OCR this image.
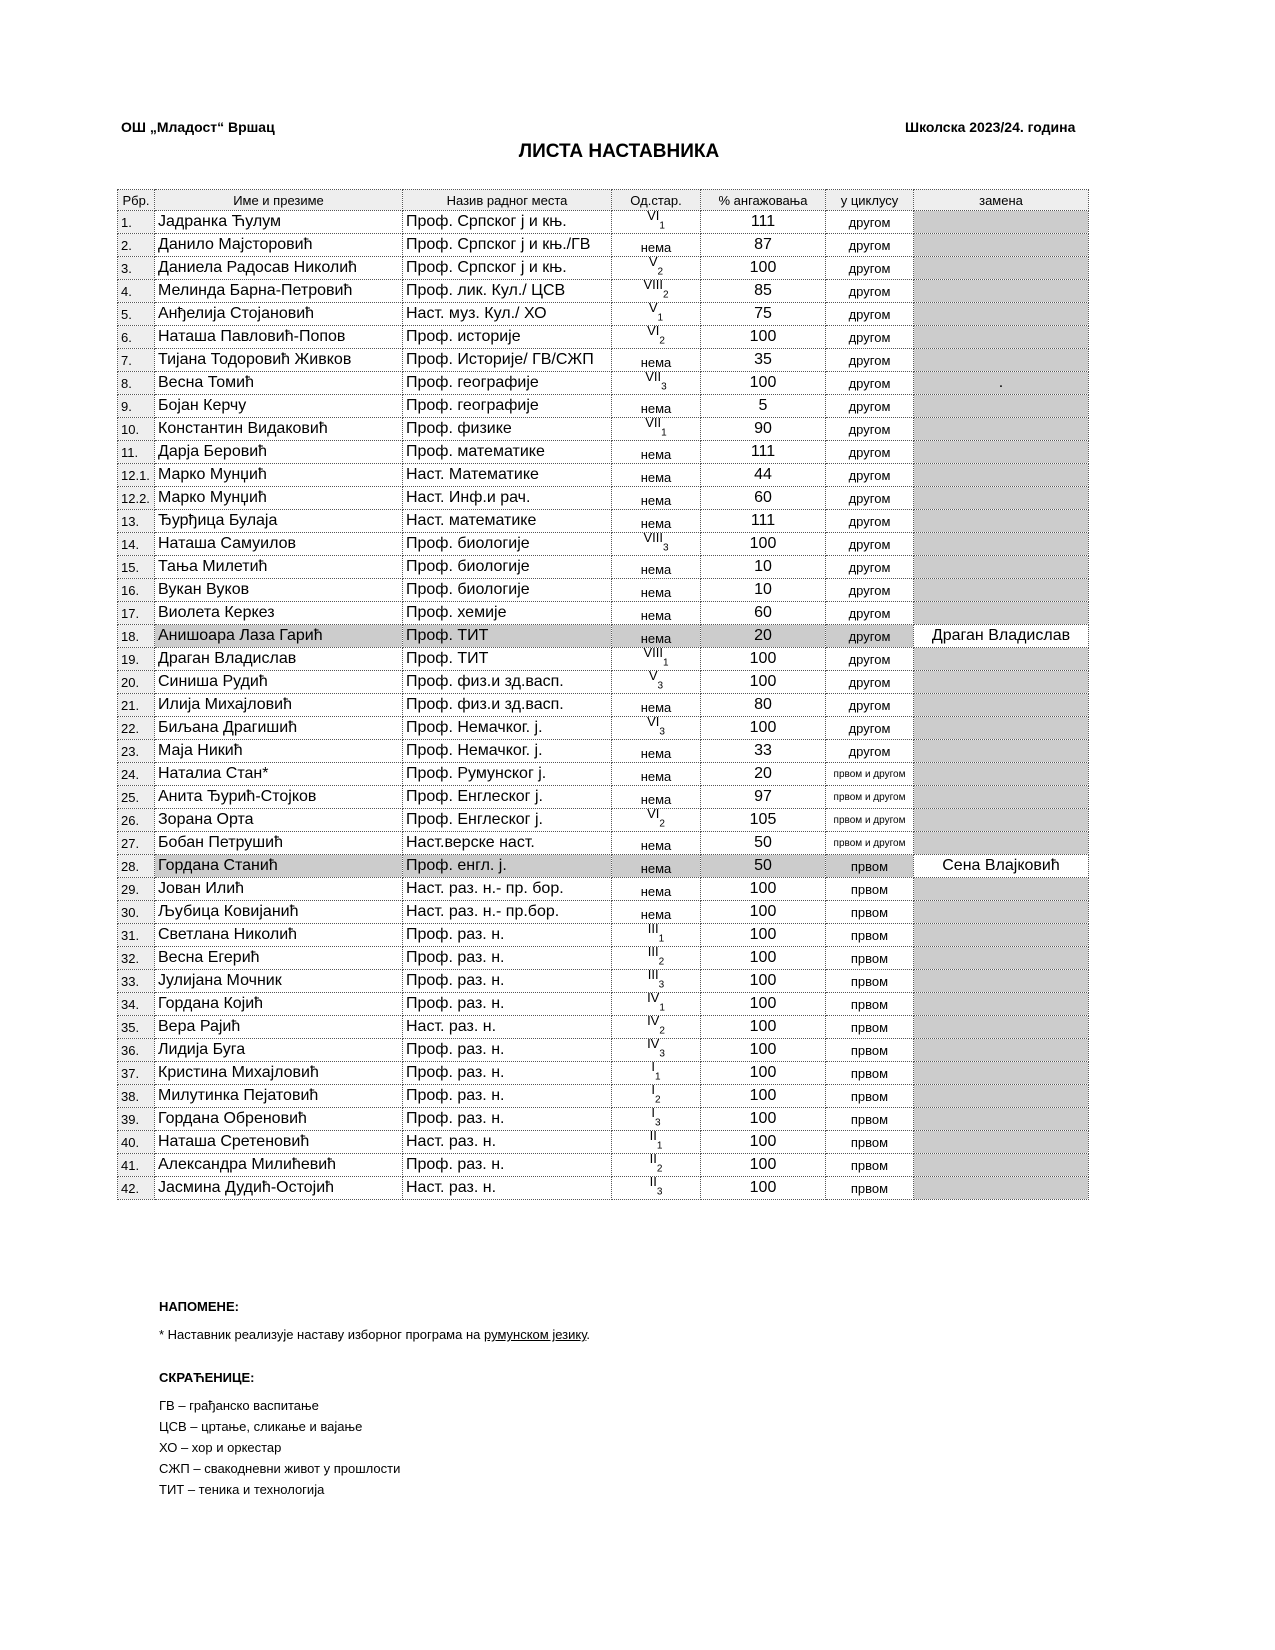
ОШ „Младост“ Вршац	Школска 2023/24. година
ЛИСТА НАСТАВНИКА
Рбр.	Име и презиме	Назив радног места	Од.стар.	% ангажовања	у циклусу	замена
1.	Јадранка Ћулум	Проф. Српског ј и књ.	$VI_1$	111	другом	
2.	Данило Мајсторовић	Проф. Српског ј и књ./ГВ	нема	87	другом	
3.	Даниела Радосав Николић	Проф. Српског ј и књ.	$V_2$	100	другом	
4.	Мелинда Барна-Петровић	Проф. лик. Кул./ ЦСВ	$VIII_2$	85	другом	
5.	Анђелија Стојановић	Наст. муз. Кул./ ХО	$V_1$	75	другом	
6.	Наташа Павловић-Попов	Проф. историје	$VI_2$	100	другом	
7.	Тијана Тодоровић Живков	Проф. Историје/ ГВ/СЖП	нема	35	другом	
8.	Весна Томић	Проф. географије	$VII_3$	100	другом	.
9.	Бојан Керчу	Проф. географије	нема	5	другом	
10.	Константин Видаковић	Проф. физике	$VII_1$	90	другом	
11.	Дарја Беровић	Проф. математике	нема	111	другом	
12.1.	Марко Мунџић	Наст. Математике	нема	44	другом	
12.2.	Марко Мунџић	Наст. Инф.и рач.	нема	60	другом	
13.	Ђурђица Булаја	Наст. математике	нема	111	другом	
14.	Наташа Самуилов	Проф. биологије	$VIII_3$	100	другом	
15.	Тања Милетић	Проф. биологије	нема	10	другом	
16.	Вукан Вуков	Проф. биологије	нема	10	другом	
17.	Виолета Керкез	Проф. хемије	нема	60	другом	
18.	Анишоара Лаза Гарић	Проф. ТИТ	нема	20	другом	Драган Владислав
19.	Драган Владислав	Проф. ТИТ	$VIII_1$	100	другом	
20.	Синиша Рудић	Проф. физ.и зд.васп.	$V_3$	100	другом	
21.	Илија Михајловић	Проф. физ.и зд.васп.	нема	80	другом	
22.	Биљана Драгишић	Проф. Немачког. ј.	$VI_3$	100	другом	
23.	Маја Никић	Проф. Немачког. ј.	нема	33	другом	
24.	Наталиа Стан*	Проф. Румунског ј.	нема	20	првом и другом	
25.	Анита Ђурић-Стојков	Проф. Енглеског ј.	нема	97	првом и другом	
26.	Зорана Орта	Проф. Енглеског ј.	$VI_2$	105	првом и другом	
27.	Бобан Петрушић	Наст.верске наст.	нема	50	првом и другом	
28.	Гордана Станић	Проф. енгл. ј.	нема	50	првом	Сена Влајковић
29.	Јован Илић	Наст. раз. н.- пр. бор.	нема	100	првом	
30.	Љубица Ковијанић	Наст. раз. н.- пр.бор.	нема	100	првом	
31.	Светлана Николић	Проф. раз. н.	$III_1$	100	првом	
32.	Весна Егерић	Проф. раз. н.	$III_2$	100	првом	
33.	Јулијана Мочник	Проф. раз. н.	$III_3$	100	првом	
34.	Гордана Којић	Проф. раз. н.	$IV_1$	100	првом	
35.	Вера Рајић	Наст. раз. н.	$IV_2$	100	првом	
36.	Лидија Буга	Проф. раз. н.	$IV_3$	100	првом	
37.	Кристина Михајловић	Проф. раз. н.	$I_1$	100	првом	
38.	Милутинка Пејатовић	Проф. раз. н.	$I_2$	100	првом	
39.	Гордана Обреновић	Проф. раз. н.	$I_3$	100	првом	
40.	Наташа Сретеновић	Наст. раз. н.	$II_1$	100	првом	
41.	Александра Милићевић	Проф. раз. н.	$II_2$	100	првом	
42.	Јасмина Дудић-Остојић	Наст. раз. н.	$II_3$	100	првом	
НАПОМЕНЕ:

* Наставник реализује наставу изборног програма на румунском језику.

СКРАЋЕНИЦЕ:

ГВ – грађанско васпитање

ЦСВ – цртање, сликање и вајање

ХО – хор и оркестар

СЖП – свакодневни живот у прошлости

ТИТ – теника и технологија
